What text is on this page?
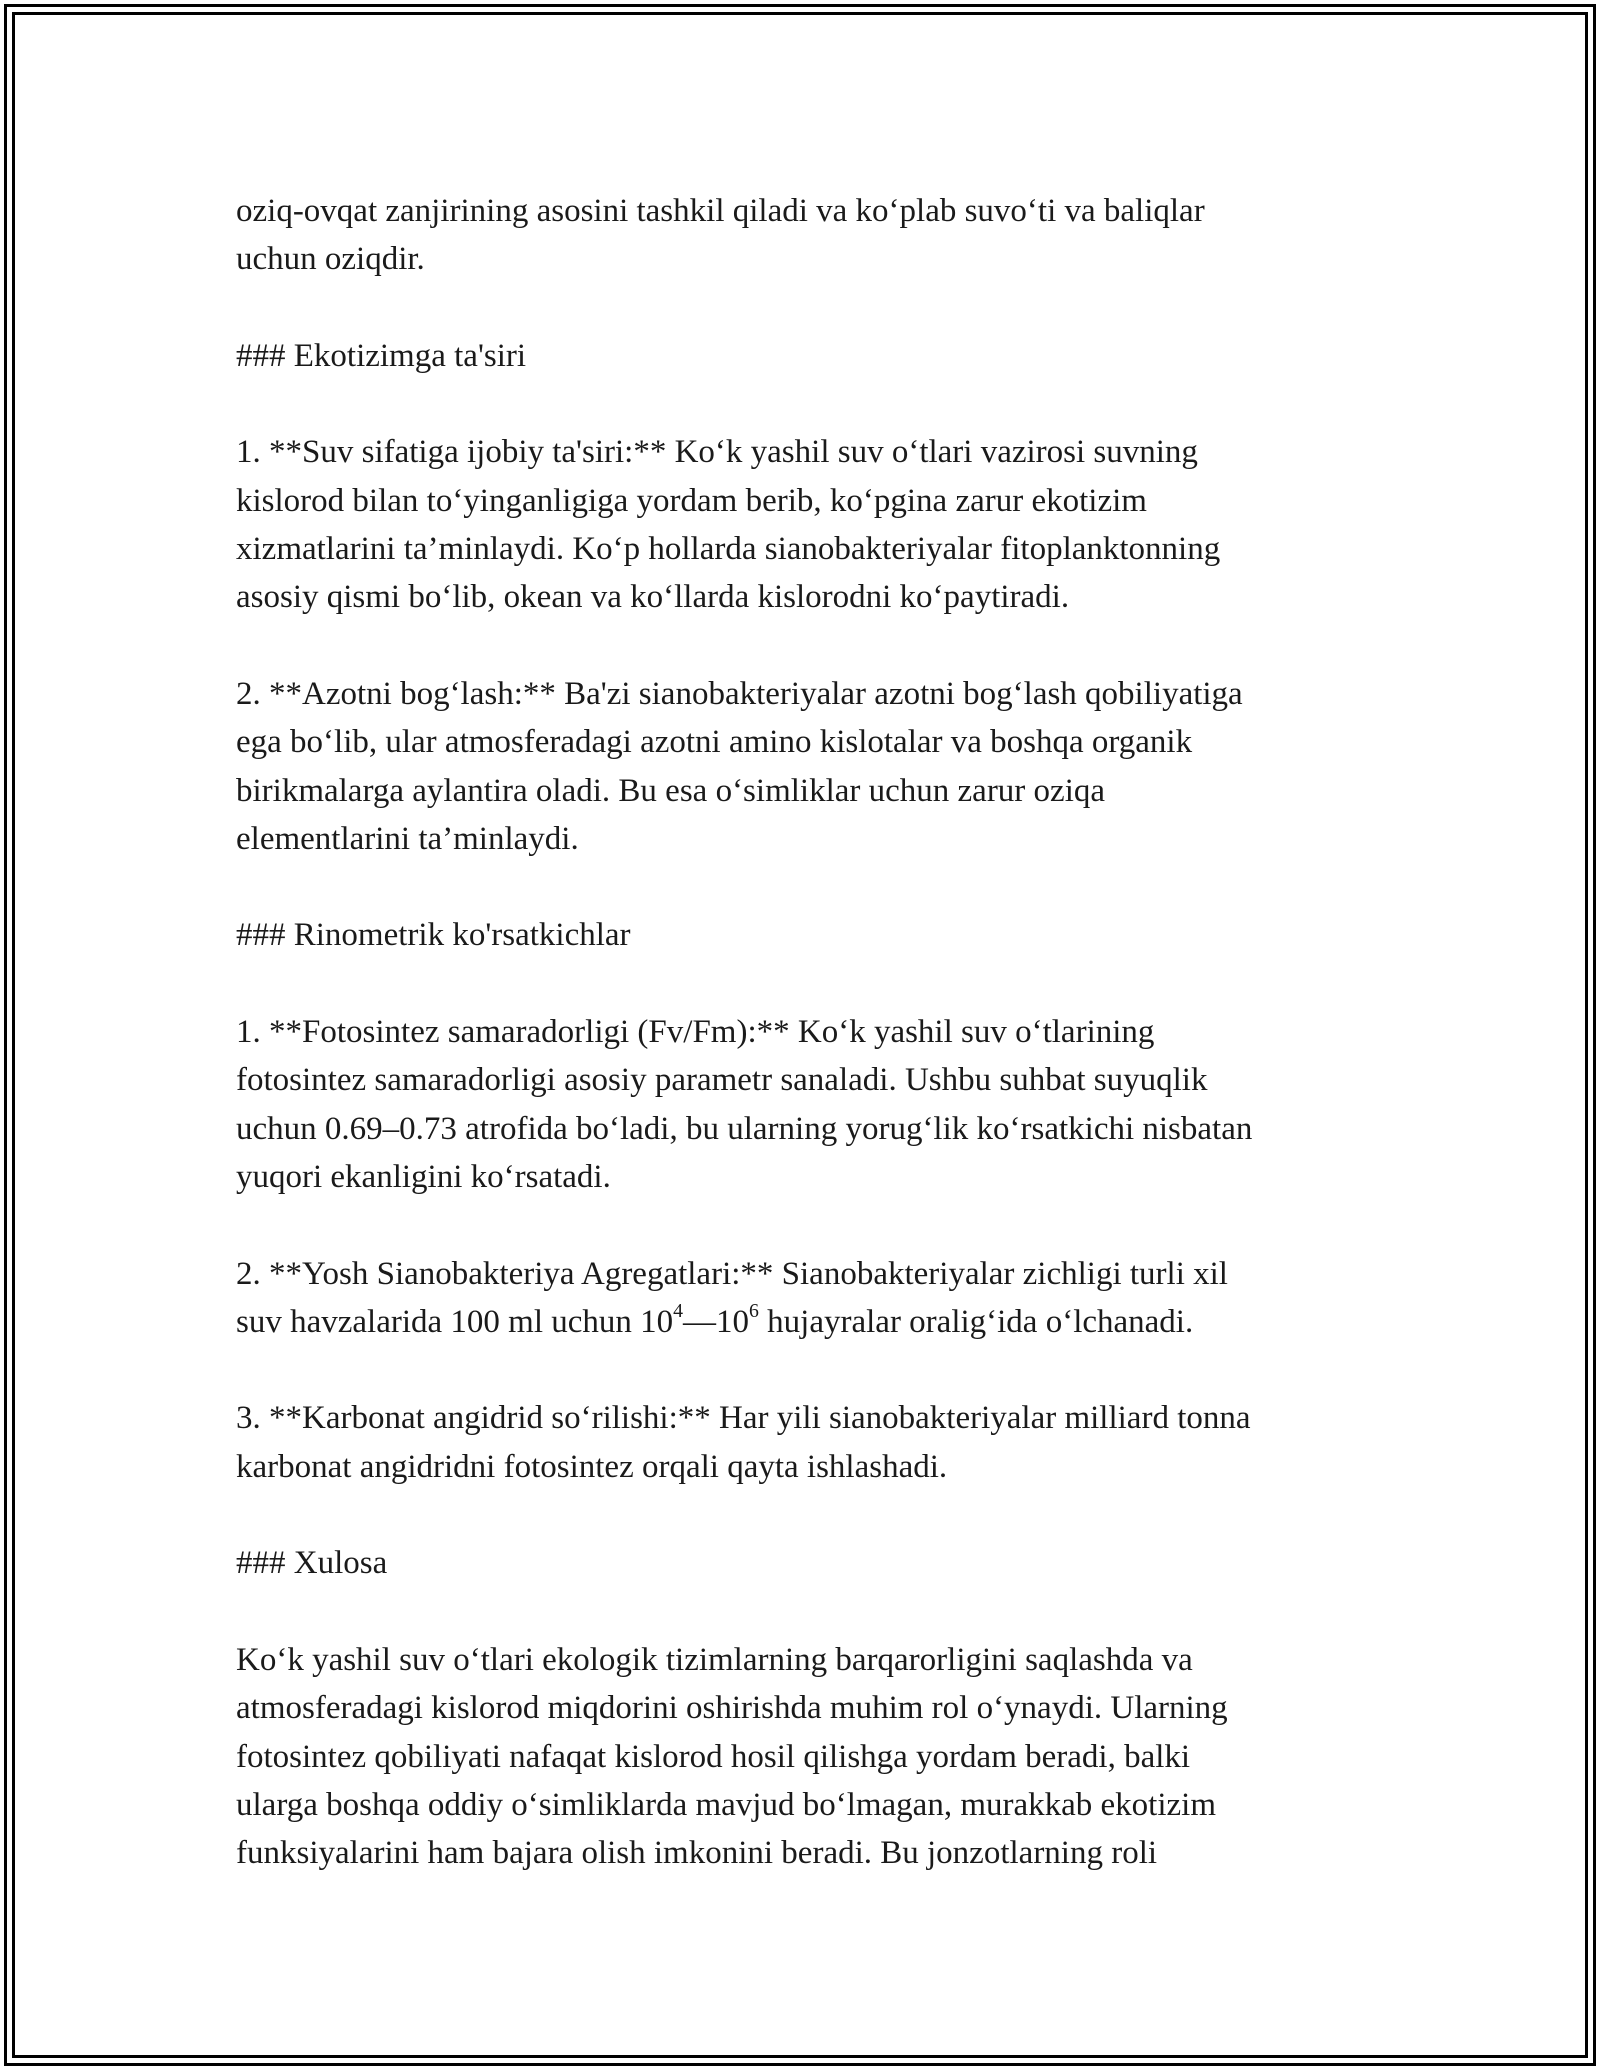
oziq-ovqat zanjirining asosini tashkil qiladi va ko‘plab suvo‘ti va baliqlar
uchun oziqdir.

### Ekotizimga ta'siri

1. **Suv sifatiga ijobiy ta'siri:** Ko‘k yashil suv o‘tlari vazirosi suvning
kislorod bilan to‘yinganligiga yordam berib, ko‘pgina zarur ekotizim
xizmatlarini ta’minlaydi. Ko‘p hollarda sianobakteriyalar fitoplanktonning
asosiy qismi bo‘lib, okean va ko‘llarda kislorodni ko‘paytiradi.

2. **Azotni bog‘lash:** Ba'zi sianobakteriyalar azotni bog‘lash qobiliyatiga
ega bo‘lib, ular atmosferadagi azotni amino kislotalar va boshqa organik
birikmalarga aylantira oladi. Bu esa o‘simliklar uchun zarur oziqa
elementlarini ta’minlaydi.

### Rinometrik ko'rsatkichlar

1. **Fotosintez samaradorligi (Fv/Fm):** Ko‘k yashil suv o‘tlarining
fotosintez samaradorligi asosiy parametr sanaladi. Ushbu suhbat suyuqlik
uchun 0.69–0.73 atrofida bo‘ladi, bu ularning yorug‘lik ko‘rsatkichi nisbatan
yuqori ekanligini ko‘rsatadi.

2. **Yosh Sianobakteriya Agregatlari:** Sianobakteriyalar zichligi turli xil
suv havzalarida 100 ml uchun $10^4—10^6$ hujayralar oralig‘ida o‘lchanadi.

3. **Karbonat angidrid so‘rilishi:** Har yili sianobakteriyalar milliard tonna
karbonat angidridni fotosintez orqali qayta ishlashadi.

### Xulosa

Ko‘k yashil suv o‘tlari ekologik tizimlarning barqarorligini saqlashda va
atmosferadagi kislorod miqdorini oshirishda muhim rol o‘ynaydi. Ularning
fotosintez qobiliyati nafaqat kislorod hosil qilishga yordam beradi, balki
ularga boshqa oddiy o‘simliklarda mavjud bo‘lmagan, murakkab ekotizim
funksiyalarini ham bajara olish imkonini beradi. Bu jonzotlarning roli
